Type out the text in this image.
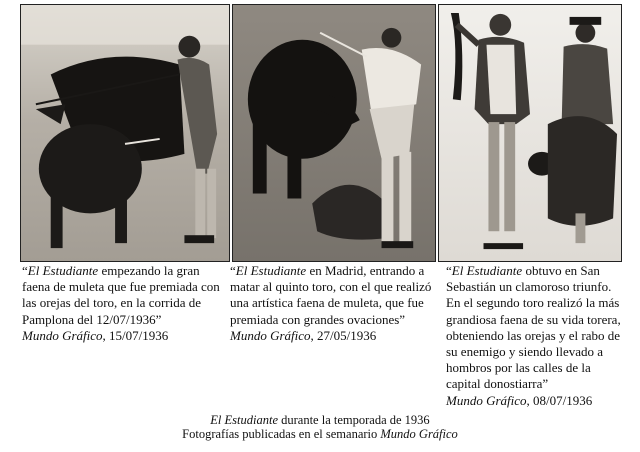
“El Estudiante empezando la gran faena de muleta que fue premiada con las orejas del toro, en la corrida de Pamplona del 12/07/1936”
Mundo Gráfico, 15/07/1936
“El Estudiante en Madrid, entrando a matar al quinto toro, con el que realizó una artística faena de muleta, que fue premiada con grandes ovaciones”
Mundo Gráfico, 27/05/1936
“El Estudiante obtuvo en San Sebastián un clamoroso triunfo. En el segundo toro realizó la más grandiosa faena de su vida torera, obteniendo las orejas y el rabo de su enemigo y siendo llevado a hombros por las calles de la capital donostiarra”
Mundo Gráfico, 08/07/1936
El Estudiante durante la temporada de 1936
Fotografías publicadas en el semanario Mundo Gráfico
